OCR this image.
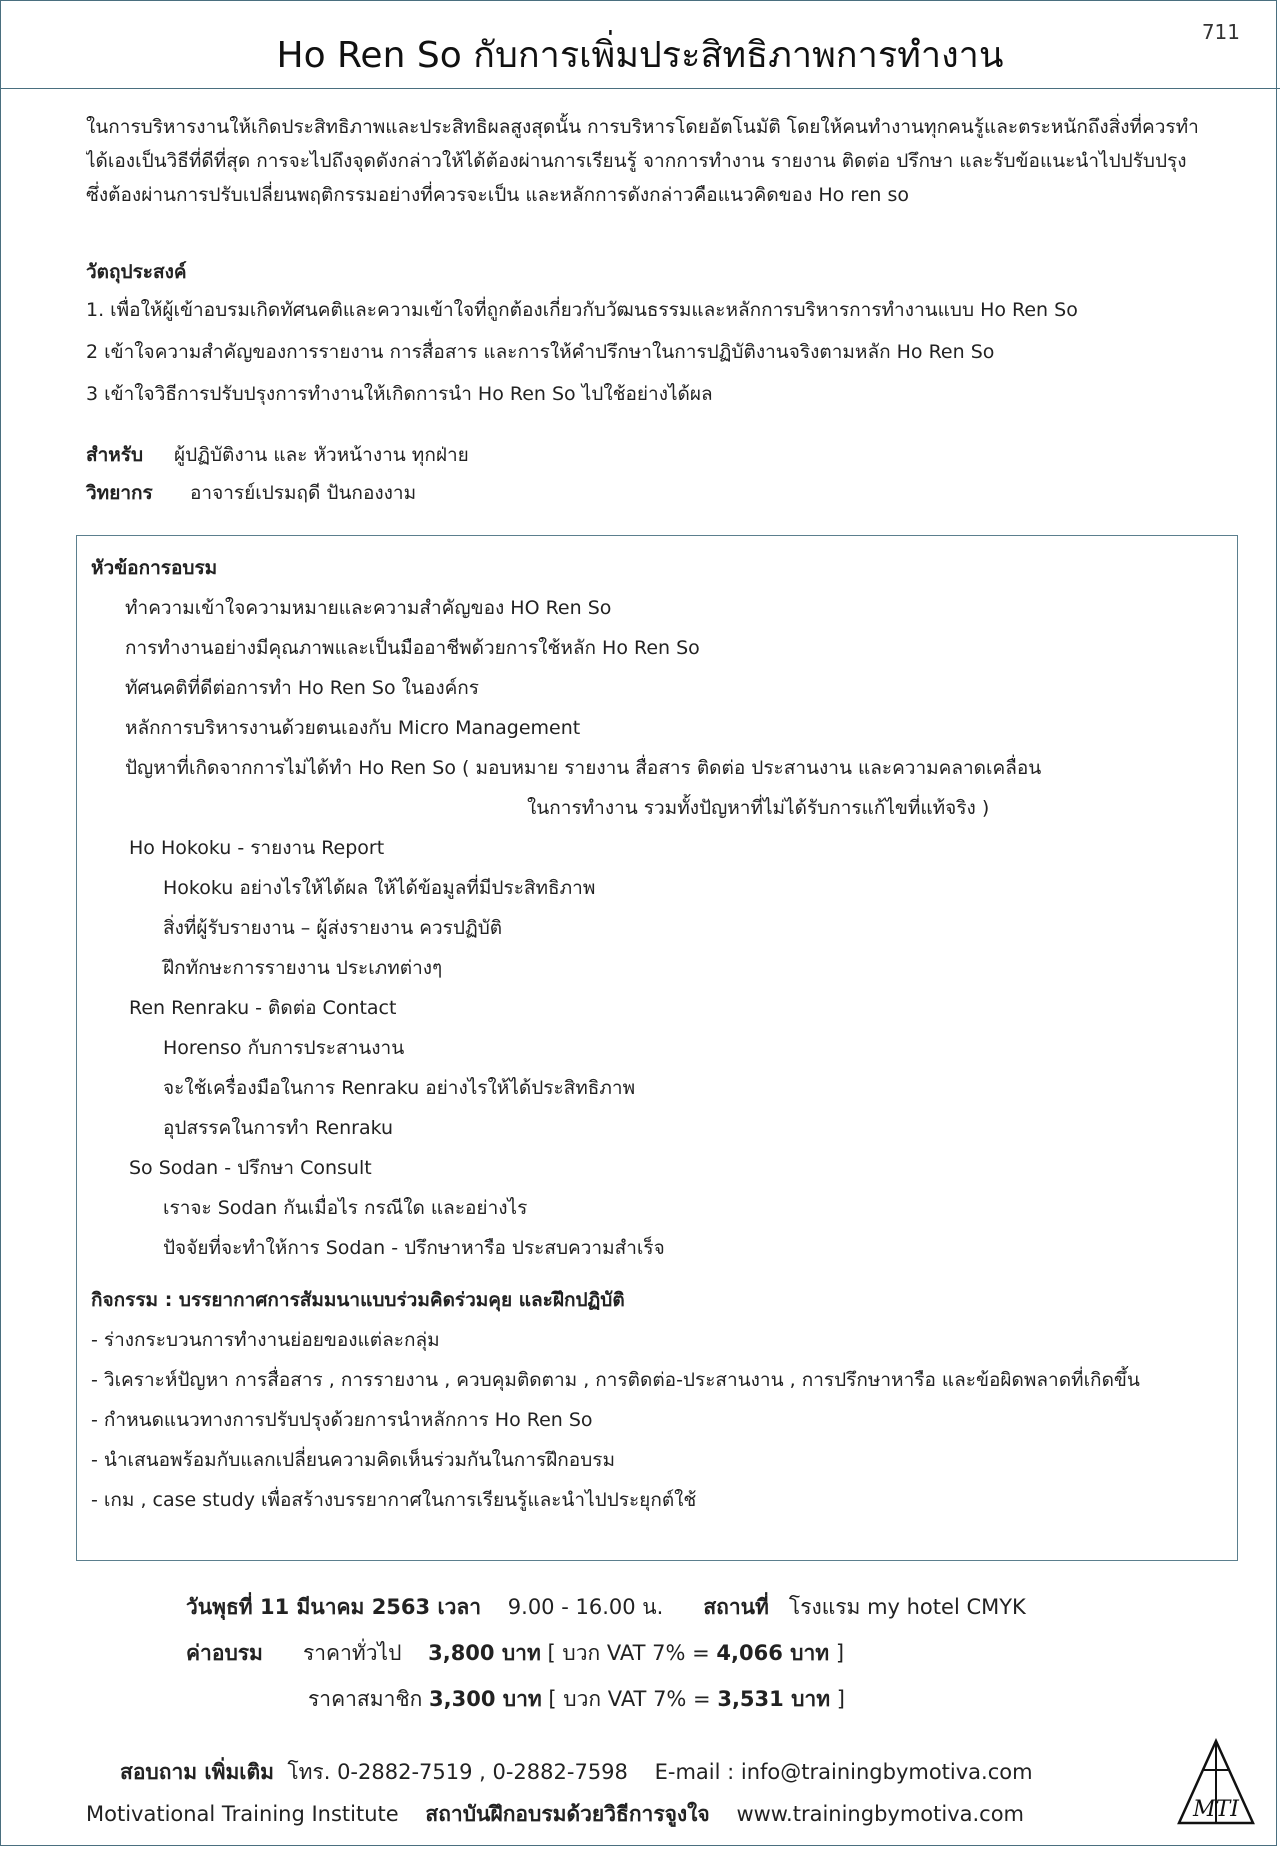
711
Ho Ren So กับการเพิ่มประสิทธิภาพการทำงาน

ในการบริหารงานให้เกิดประสิทธิภาพและประสิทธิผลสูงสุดนั้น การบริหารโดยอัตโนมัติ โดยให้คนทำงานทุกคนรู้และตระหนักถึงสิ่งที่ควรทำ

ได้เองเป็นวิธีที่ดีที่สุด การจะไปถึงจุดดังกล่าวให้ได้ต้องผ่านการเรียนรู้ จากการทำงาน รายงาน ติดต่อ ปรึกษา และรับข้อแนะนำไปปรับปรุง

ซึ่งต้องผ่านการปรับเปลี่ยนพฤติกรรมอย่างที่ควรจะเป็น และหลักการดังกล่าวคือแนวคิดของ Ho ren so

วัตถุประสงค์
1. เพื่อให้ผู้เข้าอบรมเกิดทัศนคติและความเข้าใจที่ถูกต้องเกี่ยวกับวัฒนธรรมและหลักการบริหารการทำงานแบบ Ho Ren So
2 เข้าใจความสำคัญของการรายงาน การสื่อสาร และการให้คำปรึกษาในการปฏิบัติงานจริงตามหลัก Ho Ren So
3 เข้าใจวิธีการปรับปรุงการทำงานให้เกิดการนำ Ho Ren So ไปใช้อย่างได้ผล
สำหรับ ผู้ปฏิบัติงาน และ หัวหน้างาน ทุกฝ่าย
วิทยากร อาจารย์เปรมฤดี ปันกองงาม
หัวข้อการอบรม
ทำความเข้าใจความหมายและความสำคัญของ HO Ren So
การทำงานอย่างมีคุณภาพและเป็นมืออาชีพด้วยการใช้หลัก Ho Ren So
ทัศนคติที่ดีต่อการทำ Ho Ren So ในองค์กร
หลักการบริหารงานด้วยตนเองกับ Micro Management
ปัญหาที่เกิดจากการไม่ได้ทำ Ho Ren So ( มอบหมาย รายงาน สื่อสาร ติดต่อ ประสานงาน และความคลาดเคลื่อน
ในการทำงาน รวมทั้งปัญหาที่ไม่ได้รับการแก้ไขที่แท้จริง )
Ho Hokoku - รายงาน Report
Hokoku อย่างไรให้ได้ผล ให้ได้ข้อมูลที่มีประสิทธิภาพ
สิ่งที่ผู้รับรายงาน – ผู้ส่งรายงาน ควรปฏิบัติ
ฝึกทักษะการรายงาน ประเภทต่างๆ
Ren Renraku - ติดต่อ Contact
Horenso กับการประสานงาน
จะใช้เครื่องมือในการ Renraku อย่างไรให้ได้ประสิทธิภาพ
อุปสรรคในการทำ Renraku
So Sodan - ปรึกษา Consult
เราจะ Sodan กันเมื่อไร กรณีใด และอย่างไร
ปัจจัยที่จะทำให้การ Sodan - ปรึกษาหารือ ประสบความสำเร็จ
กิจกรรม : บรรยากาศการสัมมนาแบบร่วมคิดร่วมคุย และฝึกปฏิบัติ
- ร่างกระบวนการทำงานย่อยของแต่ละกลุ่ม
- วิเคราะห์ปัญหา การสื่อสาร , การรายงาน , ควบคุมติดตาม , การติดต่อ-ประสานงาน , การปรึกษาหารือ และข้อผิดพลาดที่เกิดขึ้น
- กำหนดแนวทางการปรับปรุงด้วยการนำหลักการ Ho Ren So
- นำเสนอพร้อมกับแลกเปลี่ยนความคิดเห็นร่วมกันในการฝึกอบรม
- เกม , case study เพื่อสร้างบรรยากาศในการเรียนรู้และนำไปประยุกต์ใช้
วันพุธที่ 11 มีนาคม 2563 เวลา 9.00 - 16.00 น. สถานที่ โรงแรม my hotel CMYK
ค่าอบรม ราคาทั่วไป 3,800 บาท [ บวก VAT 7% = 4,066 บาท ]
ราคาสมาชิก 3,300 บาท [ บวก VAT 7% = 3,531 บาท ]
สอบถาม เพิ่มเติม โทร. 0-2882-7519 , 0-2882-7598 E-mail : info@trainingbymotiva.com
Motivational Training Institute สถาบันฝึกอบรมด้วยวิธีการจูงใจ www.trainingbymotiva.com	MTI
